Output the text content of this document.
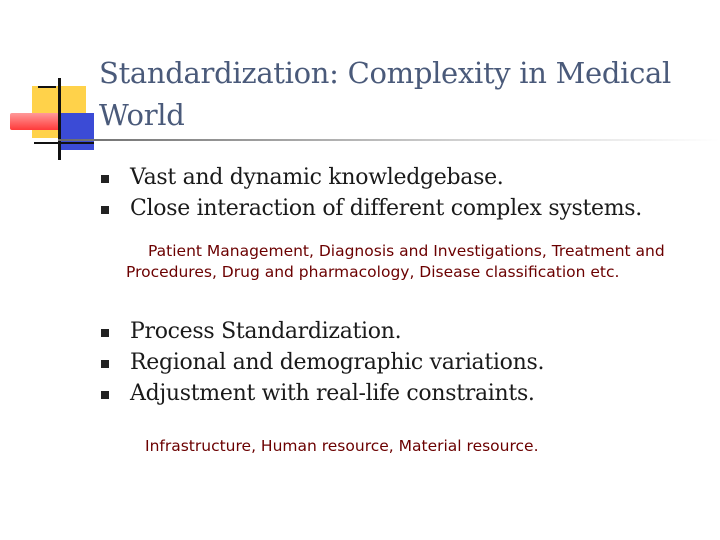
Standardization: Complexity in Medical World
Vast and dynamic knowledgebase.
Close interaction of different complex systems.

Patient Management, Diagnosis and Investigations, Treatment and Procedures, Drug and pharmacology, Disease classification etc.

Process Standardization.
Regional and demographic variations.
Adjustment with real-life constraints.

Infrastructure, Human resource, Material resource.
